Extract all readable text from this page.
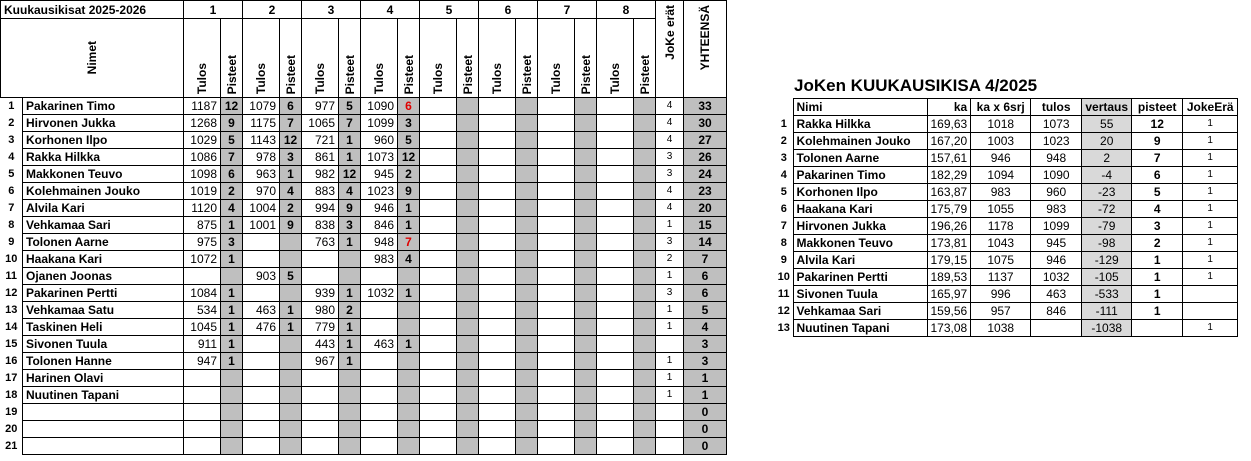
Kuukausikisat 2025-2026		1		2		3		4		5		6		7		8		JoKe erät	YHTEENSÄ

Nimet		Tulos	Pisteet	Tulos	Pisteet	Tulos	Pisteet	Tulos	Pisteet	Tulos	Pisteet	Tulos	Pisteet	Tulos	Pisteet	Tulos	Pisteet		

1	Pakarinen Timo	1187	12	1079	6	977	5	1090	6									4	33
2	Hirvonen Jukka	1268	9	1175	7	1065	7	1099	3									4	30
3	Korhonen Ilpo	1029	5	1143	12	721	1	960	5									4	27
4	Rakka Hilkka	1086	7	978	3	861	1	1073	12									3	26
5	Makkonen Teuvo	1098	6	963	1	982	12	945	2									3	24
6	Kolehmainen Jouko	1019	2	970	4	883	4	1023	9									4	23
7	Alvila Kari	1120	4	1004	2	994	9	946	1									4	20
8	Vehkamaa Sari	875	1	1001	9	838	3	846	1									1	15
9	Tolonen Aarne	975	3			763	1	948	7									3	14
10	Haakana Kari	1072	1					983	4									2	7
11	Ojanen Joonas			903	5													1	6
12	Pakarinen Pertti	1084	1			939	1	1032	1									3	6
13	Vehkamaa Satu	534	1	463	1	980	2											1	5
14	Taskinen Heli	1045	1	476	1	779	1											1	4
15	Sivonen Tuula	911	1			443	1	463	1										3
16	Tolonen Hanne	947	1			967	1											1	3
17	Harinen Olavi																	1	1
18	Nuutinen Tapani																	1	1
19																			0
20																			0
21																			0
JoKen KUUKAUSIKISA 4/2025
	Nimi	ka	ka x 6srj	tulos	vertaus	pisteet	JokeErä
1	Rakka Hilkka	169,63	1018	1073	55	12	1
2	Kolehmainen Jouko	167,20	1003	1023	20	9	1
3	Tolonen Aarne	157,61	946	948	2	7	1
4	Pakarinen Timo	182,29	1094	1090	-4	6	1
5	Korhonen Ilpo	163,87	983	960	-23	5	1
6	Haakana Kari	175,79	1055	983	-72	4	1
7	Hirvonen Jukka	196,26	1178	1099	-79	3	1
8	Makkonen Teuvo	173,81	1043	945	-98	2	1
9	Alvila Kari	179,15	1075	946	-129	1	1
10	Pakarinen Pertti	189,53	1137	1032	-105	1	1
11	Sivonen Tuula	165,97	996	463	-533	1	
12	Vehkamaa Sari	159,56	957	846	-111	1	
13	Nuutinen Tapani	173,08	1038		-1038		1
